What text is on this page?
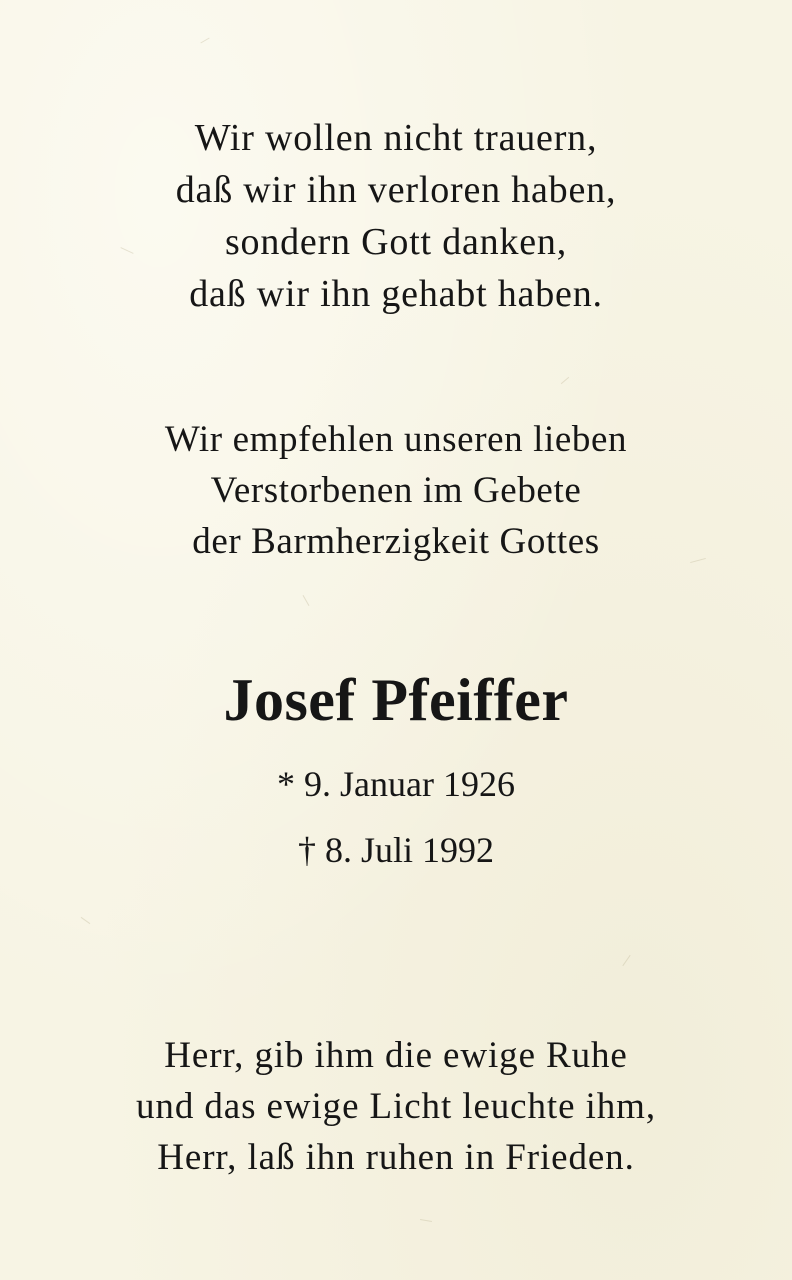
Wir wollen nicht trauern,
daß wir ihn verloren haben,
sondern Gott danken,
daß wir ihn gehabt haben.
Wir empfehlen unseren lieben
Verstorbenen im Gebete
der Barmherzigkeit Gottes
Josef Pfeiffer
* 9. Januar 1926
† 8. Juli 1992
Herr, gib ihm die ewige Ruhe
und das ewige Licht leuchte ihm,
Herr, laß ihn ruhen in Frieden.
